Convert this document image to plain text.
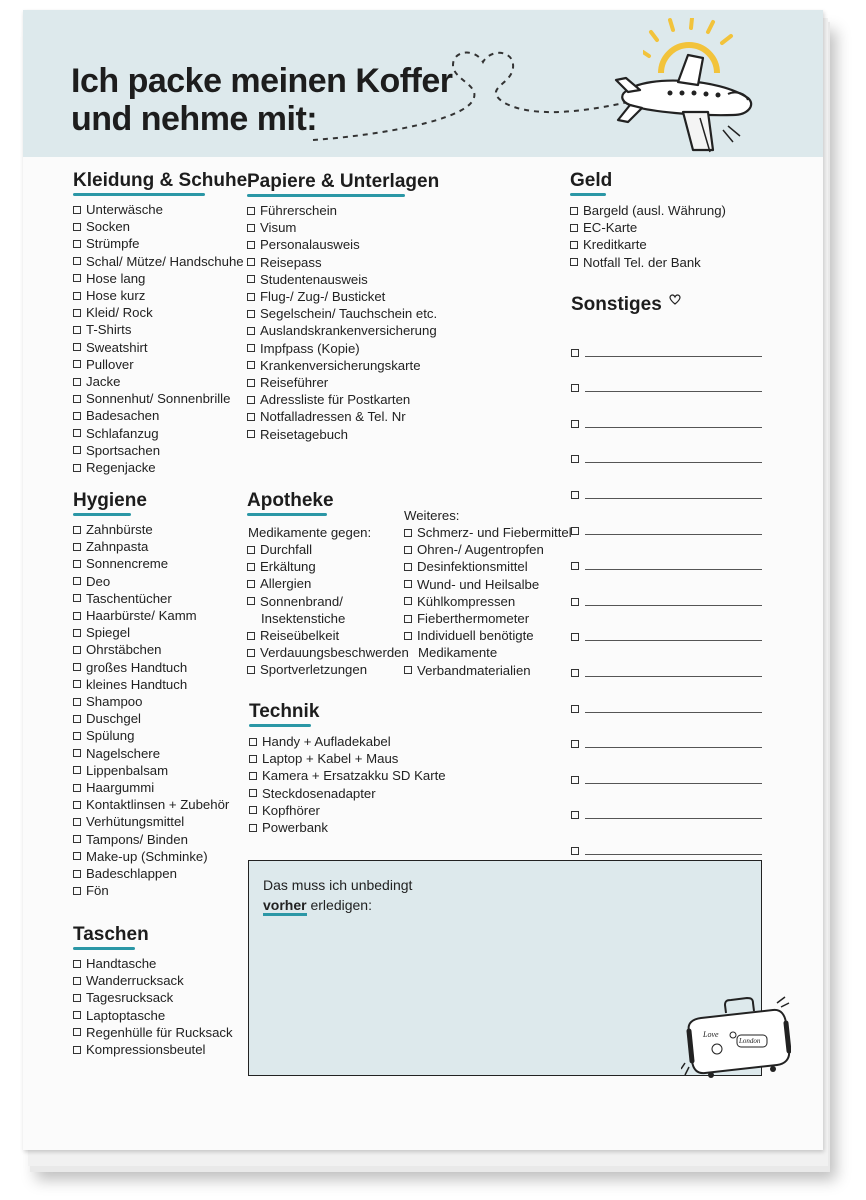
Ich packe meinen Koffer
und nehme mit:
Kleidung & Schuhe
Unterwäsche
Socken
Strümpfe
Schal/ Mütze/ Handschuhe
Hose lang
Hose kurz
Kleid/ Rock
T-Shirts
Sweatshirt
Pullover
Jacke
Sonnenhut/ Sonnenbrille
Badesachen
Schlafanzug
Sportsachen
Regenjacke
Hygiene
Zahnbürste
Zahnpasta
Sonnencreme
Deo
Taschentücher
Haarbürste/ Kamm
Spiegel
Ohrstäbchen
großes Handtuch
kleines Handtuch
Shampoo
Duschgel
Spülung
Nagelschere
Lippenbalsam
Haargummi
Kontaktlinsen + Zubehör
Verhütungsmittel
Tampons/ Binden
Make-up (Schminke)
Badeschlappen
Fön
Taschen
Handtasche
Wanderrucksack
Tagesrucksack
Laptoptasche
Regenhülle für Rucksack
Kompressionsbeutel
Papiere & Unterlagen
Führerschein
Visum
Personalausweis
Reisepass
Studentenausweis
Flug-/ Zug-/ Busticket
Segelschein/ Tauchschein etc.
Auslandskrankenversicherung
Impfpass (Kopie)
Krankenversicherungskarte
Reiseführer
Adressliste für Postkarten
Notfalladressen & Tel. Nr
Reisetagebuch
Apotheke
Medikamente gegen:
Durchfall
Erkältung
Allergien
Sonnenbrand/
Insektenstiche
Reiseübelkeit
Verdauungsbeschwerden
Sportverletzungen
Weiteres:
Schmerz- und Fiebermittel
Ohren-/ Augentropfen
Desinfektionsmittel
Wund- und Heilsalbe
Kühlkompressen
Fieberthermometer
Individuell benötigte
Medikamente
Verbandmaterialien
Technik
Handy + Aufladekabel
Laptop + Kabel + Maus
Kamera + Ersatzakku SD Karte
Steckdosenadapter
Kopfhörer
Powerbank
Geld
Bargeld (ausl. Währung)
EC-Karte
Kreditkarte
Notfall Tel. der Bank
Sonstiges
Das muss ich unbedingt
vorher erledigen:
Love
London
